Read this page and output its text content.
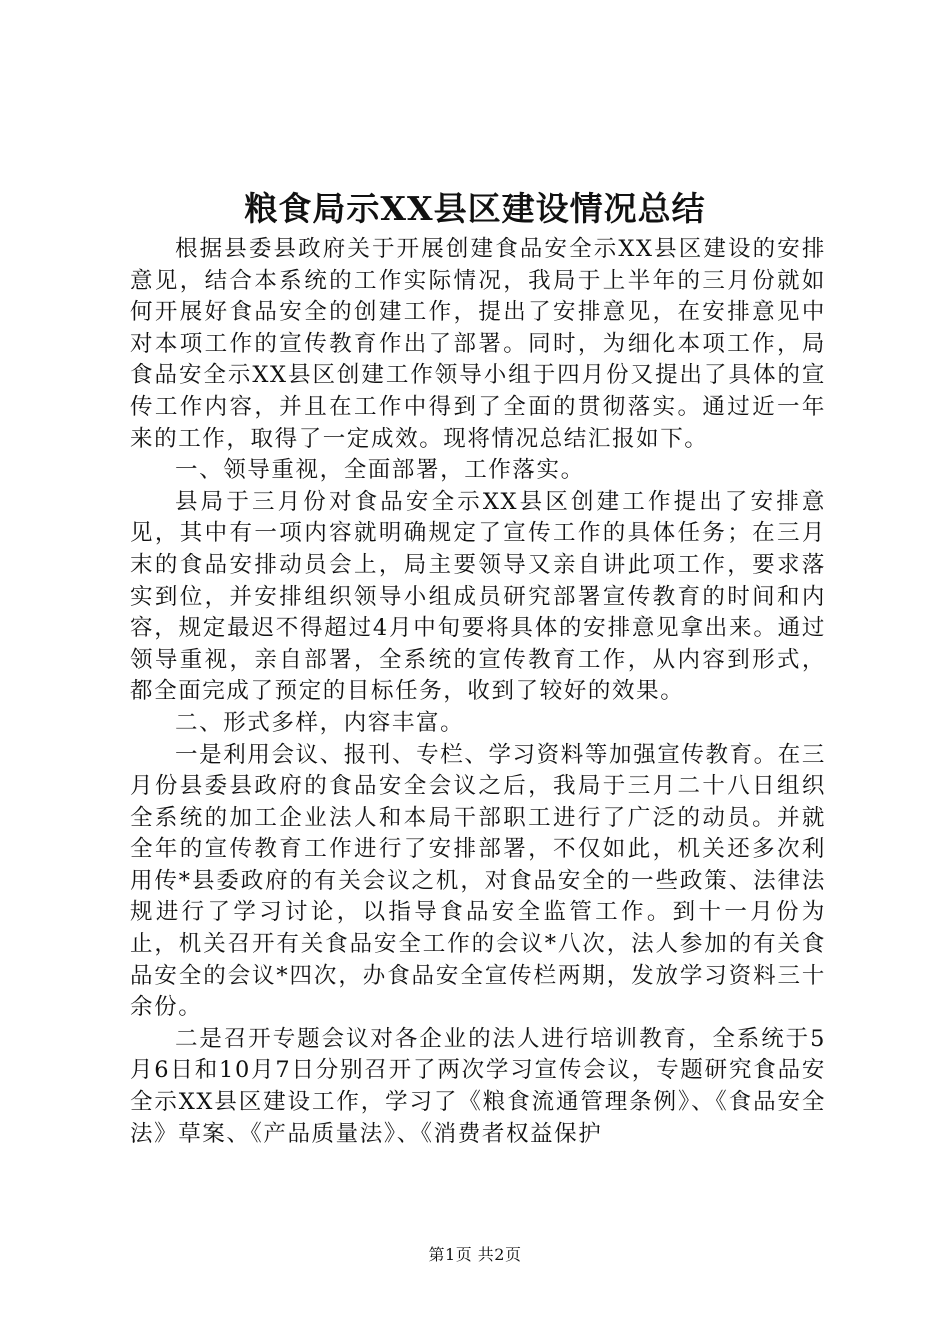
粮食局示XX县区建设情况总结

根据县委县政府关于开展创建食品安全示XX县区建设的安排意见，结合本系统的工作实际情况，我局于上半年的三月份就如何开展好食品安全的创建工作，提出了安排意见，在安排意见中对本项工作的宣传教育作出了部署。同时，为细化本项工作，局食品安全示XX县区创建工作领导小组于四月份又提出了具体的宣传工作内容，并且在工作中得到了全面的贯彻落实。通过近一年来的工作，取得了一定成效。现将情况总结汇报如下。

一、领导重视，全面部署，工作落实。

县局于三月份对食品安全示XX县区创建工作提出了安排意见，其中有一项内容就明确规定了宣传工作的具体任务；在三月末的食品安排动员会上，局主要领导又亲自讲此项工作，要求落实到位，并安排组织领导小组成员研究部署宣传教育的时间和内容，规定最迟不得超过4月中旬要将具体的安排意见拿出来。通过领导重视，亲自部署，全系统的宣传教育工作，从内容到形式，都全面完成了预定的目标任务，收到了较好的效果。

二、形式多样，内容丰富。

一是利用会议、报刊、专栏、学习资料等加强宣传教育。在三月份县委县政府的食品安全会议之后，我局于三月二十八日组织全系统的加工企业法人和本局干部职工进行了广泛的动员。并就全年的宣传教育工作进行了安排部署，不仅如此，机关还多次利用传*县委政府的有关会议之机，对食品安全的一些政策、法律法规进行了学习讨论，以指导食品安全监管工作。到十一月份为止，机关召开有关食品安全工作的会议*八次，法人参加的有关食品安全的会议*四次，办食品安全宣传栏两期，发放学习资料三十余份。

二是召开专题会议对各企业的法人进行培训教育，全系统于5月6日和10月7日分别召开了两次学习宣传会议，专题研究食品安全示XX县区建设工作，学习了《粮食流通管理条例》、《食品安全法》草案、《产品质量法》、《消费者权益保护

第1页 共2页
